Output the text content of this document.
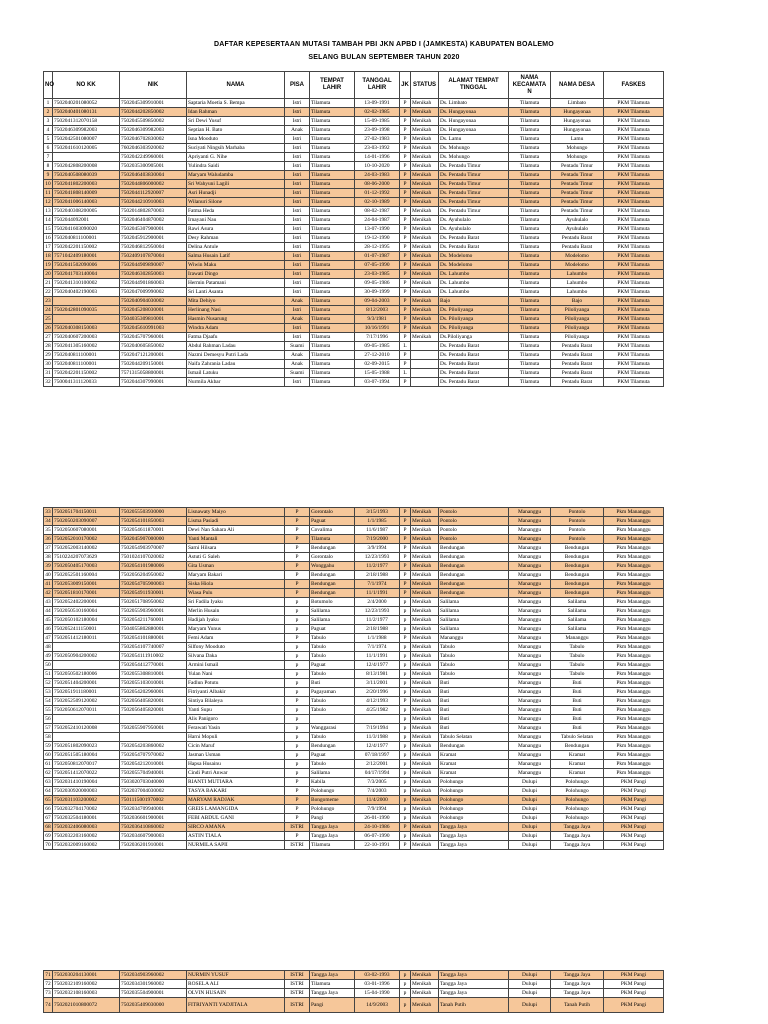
DAFTAR KEPESERTAAN MUTASI TAMBAH PBI JKN APBD I (JAMKESTA) KABUPATEN BOALEMO
SELANG BULAN SEPTEMBER TAHUN 2020
NO	NO KK	NIK	NAMA	PISA	TEMPAT LAHIR	TANGGAL LAHIR	JK	STATUS	ALAMAT TEMPAT TINGGAL	NAMA KECAMATA N	NAMA DESA	FASKES
1	7502040201080052	7502045309910001	Saptaria Moetia S. Bempa	Istri	Tilamuta	13-09-1991	P	Menikah	Ds. Limbato	Tilamuta	Limbato	PKM Tilamuta
2	7502040401080131	7502044202850002	Idan Rahman	Istri	Tilamuta	02-02-1985	P	Menikah	Ds. Hungayonaa	Tilamuta	Hungayonaa	PKM Tilamuta
3	7502041312070158	7502045509850002	Sri Dewi Yusuf	Istri	Tilamuta	15-09-1985	P	Menikah	Ds. Hungayonaa	Tilamuta	Hungayonaa	PKM Tilamuta
4	7502046309982003	7502046309982003	Septian H. Bato	Anak	Tilamuta	23-09-1998	P	Menikah	Ds. Hungayonaa	Tilamuta	Hungayonaa	PKM Tilamuta
5	7502042501080007	7502046702830002	Isna Mooduto	Istri	Tilamuta	27-02-1983	P	Menikah	Ds. Lamu	Tilamuta	Lamu	PKM Tilamuta
6	7502041610120005	7602046303920002	Suciyati Ningsih Marhaba	Istri	Tilamuta	23-03-1992	P	Menikah	Ds. Mohungo	Tilamuta	Mohungo	PKM Tilamuta
7		7502042249960001	Apriyanti G. Nihe	Istri	Tilamuta	14-01-1996	P	Menikah	Ds. Mohungo	Tilamuta	Mohungo	PKM Tilamuta
8	7502042808200008	7502035300905001	Yulindra Saidi	Istri	Tilamuta	10-10-2020	P	Menikah	Ds. Pentadu Timur	Tilamuta	Pentadu Timur	PKM Tilamuta
9	7502040508080039	7502046403830004	Maryam Waludamba	Istri	Tilamuta	24-03-1983	P	Menikah	Ds. Pentadu Timur	Tilamuta	Pentadu Timur	PKM Tilamuta
10	7502041802200003	7502044806000002	Sri Wahyuni Lagili	Istri	Tilamuta	08-06-2000	P	Menikah	Ds. Pentadu Timur	Tilamuta	Pentadu Timur	PKM Tilamuta
11	7502041808140009	7502044112920007	Asri Hunadji	Istri	Tilamuta	01-12-1992	P	Menikah	Ds. Pentadu Timur	Tilamuta	Pentadu Timur	PKM Tilamuta
12	7502041006140003	7502044210910003	Wilanuri Silone	Istri	Tilamuta	02-10-1989	P	Menikah	Ds. Pentadu Timur	Tilamuta	Pentadu Timur	PKM Tilamuta
13	7502040308200005	7502014802870003	Fatma Heda	Istri	Tilamuta	08-02-1987	P	Menikah	Ds. Pentadu Timur	Tilamuta	Pentadu Timur	PKM Tilamuta
14	7502044092001	7502046404870002	Irnayani Nau	Istri	Tilamuta	24-04-1987	P	Menikah	Ds. Ayuhulalo	Tilamuta	Ayuhulalo	PKM Tilamuta
15	7502041603090020	7502045307900001	Rawi Asura	Istri	Tilamuta	13-07-1990	P	Menikah	Ds. Ayuhulalo	Tilamuta	Ayuhulalo	PKM Tilamuta
16	7502040811100001	7502045912900001	Desy Rahman	Istri	Tilamuta	19-12-1990	P	Menikah	Ds. Pentadu Barat	Tilamuta	Pentadu Barat	PKM Tilamuta
17	7502042201150002	7502046812950004	Delina Antule	Istri	Tilamuta	28-12-1995	P	Menikah	Ds. Pentadu Barat	Tilamuta	Pentadu Barat	PKM Tilamuta
18	7571042409180001	7502409107870004	Salma Husain Latif	Istri	Tilamuta	01-07-1987	P	Menikah	Ds. Modelomo	Tilamuta	Modelomo	PKM Tilamuta
19	7502041502090006	7502044909890007	Wiwin Maku	Istri	Tilamuta	07-05-1990	P	Menikah	Ds. Modelomo	Tilamuta	Modelomo	PKM Tilamuta
20	7502041703140004	7502046302850003	Irawati Dingo	Istri	Tilamuta	23-03-1985	P	Menikah	Ds. Lahumbo	Tilamuta	Lahumbo	PKM Tilamuta
21	7502041310100002	7502044901860003	Hermin Patamani	Istri	Tilamuta	09-05-1986	P	Menikah	Ds. Lahumbo	Tilamuta	Lahumbo	PKM Tilamuta
22	7502040402190003	7502047009990002	Sri Lanti Asanta	Istri	Tilamuta	30-09-1999	P	Menikah	Ds. Lahumbo	Tilamuta	Lahumbo	PKM Tilamuta
23		7502040904030002	Mita Dehiyo	Anak	Tilamuta	09-04-2003	P	Menikah	Bajo	Tilamuta	Bajo	PKM Tilamuta
24	7502042801090035	7502045208030001	Herlinang Nasi	Istri	Tilamuta	8/12/2003	P	Menikah	Ds. Piloliyanga	Tilamuta	Piloliyanga	PKM Tilamuta
25		7504035309810001	Hasmin Nusarung	Anak	Tilamuta	9/3/1981	P	Menikah	Ds. Piloliyanga	Tilamuta	Piloliyanga	PKM Tilamuta
26	7502040308150003	7502045610991003	Windra Adam	Istri	Tilamuta	10/16/1991	P	Menikah	Ds. Piloliyanga	Tilamuta	Piloliyanga	PKM Tilamuta
27	7502040607200003	7502045707960001	Fatma Djaafu	Istri	Tilamuta	7/17/1996	P	Menikah	Ds.Piloliyanga	Tilamuta	Piloliyanga	PKM Tilamuta
28	7502041305160002	7502040605850002	Abdul Rahman Ladau	Suami	Tilamuta	09-05-1985	L		Ds. Pentadu Barat	Tilamuta	Pentadu Barat	PKM Tilamuta
29	7502040811100001	7502047121200001	Nazmi Demesyu Putri Lada	Anak	Tilamuta	27-12-2010	P		Ds. Pentadu Barat	Tilamuta	Pentadu Barat	PKM Tilamuta
30	7502040811100001	7502044209150001	Naifa Zahrania Ladau	Anak	Tilamuta	02-09-2015	P		Ds. Pentadu Barat	Tilamuta	Pentadu Barat	PKM Tilamuta
31	7502042201150002	7571315058800001	Ismail Latuku	Suami	Tilamuta	15-05-1988	L		Ds. Pentadu Barat	Tilamuta	Pentadu Barat	PKM Tilamuta
32	7500041311120033	7502044307990001	Nurmila Akbar	Istri	Tilamuta	03-07-1994	P		Ds. Pentadu Barat	Tilamuta	Pentadu Barat	PKM Tilamuta
33	7502051704150011	7502055503930000	Lisnawaty Maiyo	P	Gorontalo	3/15/1993	P	Menikah	Pontolo	Mananggu	Pontolo	Pkm Mananggu
34	7502050203090007	7502054101850003	Lisma Pasiadi	P	Paguat	1/1/1985	P	Menikah	Pontolo	Mananggu	Pontolo	Pkm Mananggu
35	7502050607080001	7502054611870001	Dewi Nan Sahara Ali	P	Covalima	11/6/1987	P	Menikah	Pontolo	Mananggu	Pontolo	Pkm Mananggu
36	7502052010170002	7502045907000000	Yanti Mantali	P	Tilamuta	7/19/2000	P	Menikah	Pontolo	Mananggu	Pontolo	Pkm Mananggu
37	7502052003140002	7502054903970007	Sarni Hilsara	P	Bendungan	3/9/1994	P	Menikah	Bendungan	Mananggu	Bendungan	Pkm Mananggu
38	7510224207073629	7501024107020002	Astuti G Saleh	P	Gorontalo	12/23/1993	P	Menikah	Bendungan	Mananggu	Bendungan	Pkm Mananggu
39	7502050405170003	7502054101980006	Gita Usman	P	Wonggahu	11/2/1977	P	Menikah	Bendungan	Mananggu	Bendungan	Pkm Mananggu
40	7502052501160004	7502056204950002	Maryam Bakari	P	Bendungan	2/18/1988	P	Menikah	Bendungan	Mananggu	Bendungan	Pkm Mananggu
41	7502053009150001	7502054705900003	Siska Hiola	P	Bendungan	7/1/1974	P	Menikah	Bendungan	Mananggu	Bendungan	Pkm Mananggu
42	7502051810170001	7502054911930001	Wiasa Pulu	P	Bendungan	11/1/1991	P	Menikah	Bendungan	Mananggu	Bendungan	Pkm Mananggu
43	7502052402200001	7502051708950002	Sri Fadila Iyaku	p	Botumolo	2/4/2000	p	Menikah	Salilama	Mananggu	Salilama	Pkm Mananggu
44	7502050510160004	7502055903960001	Merlin Husain	p	Salilama	12/23/1993	p	Menikah	Salilama	Mananggu	Salilama	Pkm Mananggu
45	7502050102180004	7502054211760001	Hadijah Iyaku	p	Salilama	11/2/1977	p	Menikah	Salilama	Mananggu	Salilama	Pkm Mananggu
46	7502052411150001	7504055802880001	Maryam Yunus	p	Paguat	2/18/1988	p	Menikah	Salilama	Mananggu	Salilama	Pkm Mananggu
47	7502051412180011	7502054101880001	Femi Adam	P	Tabulo	1/1/1988	P	Menikah	Mananggu	Mananggu	Mananggu	Pkm Mananggu
48		7502054107740007	Silfony Mooduto	p	Tabulo	7/1/1974	p	Menikah	Tabulo	Mananggu	Tabulo	Pkm Mananggu
49	7502050904200002	7502054111910002	Silvana Daka	p	Tabulo	11/1/1991	p	Menikah	Tabulo	Mananggu	Tabulo	Pkm Mananggu
50		7502054412770001	Armini Ismail	p	Paguat	12/4/1977	p	Menikah	Tabulo	Mananggu	Tabulo	Pkm Mananggu
51	7502050502180006	7502055308810001	Yulan Nani	p	Tabulo	8/13/1981	p	Menikah	Tabulo	Mananggu	Tabulo	Pkm Mananggu
52	7502051404200001	7502055103010001	Fadlun Potutu	p	Buti	3/11/2001	p	Menikah	Buti	Mananggu	Buti	Pkm Mananggu
53	7502051911180001	7502054202960001	Fitriyanti Albakir	p	Pagayaman	2/20/1996	p	Menikah	Buti	Mananggu	Buti	Pkm Mananggu
54	7502052509120002	7502056405820001	Sintiya Bilaleya	P	Tabulo	4/12/1993	P	Menikah	Buti	Mananggu	Buti	Pkm Mananggu
55	7502050612070011	7502056405820001	Yanti Supu	p	Tabulo	4/25/1982	p	Menikah	Buti	Mananggu	Buti	Pkm Mananggu
56			Alis Panigoro	p			p	Menikah	Buti	Mananggu	Buti	Pkm Mananggu
57	7502052410120008	7502055907950001	Ferawati Yasin	p	Wanggarasi	7/19/1994	p	Menikah	Buti	Mananggu	Buti	Pkm Mananggu
58			Harni Mopuli	p	Tabulo	11/3/1988	p	Menikah	Tabulo Selatan	Mananggu	Tabulo Selatan	Pkm Mananggu
59	7502051802090023	7502054203860002	Cicin Maruf	p	Bendungan	12/4/1977	p	Menikah	Bendungan	Mananggu	Bendungan	Pkm Mananggu
60	7502051505180004	7502054707970002	Jasman Usman	p	Paguat	07/18/1997	p	Menikah	Kramat	Mananggu	Kramat	Pkm Mananggu
61	7502050812070017	7502054212010001	Hapsa Husainu	p	Tabulo	2/12/2001	p	Menikah	Kramat	Mananggu	Kramat	Pkm Mananggu
62	7502051412070022	7502055704940001	Cindi Putri Anwar	p	Salilama	04/17/1994	p	Menikah	Kramat	Mananggu	Kramat	Pkm Mananggu
63	7502031410190004	7503020703040000	RIANTI MUTIARA	P	Kabila	7/3/2005	p	Menikah	Polohungo	Dulupi	Polohungo	PKM Pangi
64	7502030920000003	7502037004030002	TASYA BAKARI	P	Polohungo	7/4/2003	p	Menikah	Polohungo	Dulupi	Polohungo	PKM Pangi
65	7502031103200002	7501115001970002	MARYAM RADJAK	P	Bongomeme	11/4/2000	p	Menikah	Polohungo	Dulupi	Polohungo	PKM Pangi
66	7502032704170002	7502034709940001	GREIS LAMANGIDA	P	Polohungo	7/9/1994	p	Menikah	Polohungo	Dulupi	Polohungo	PKM Pangi
67	7502032504180001	7502036601900001	FEBI ABDUL GANI	P	Pangi	26-01-1990	p	Menikah	Polohungo	Dulupi	Polohungo	PKM Pangi
68	7502032406080003	7502036410860002	SIRCO AMANA	ISTRI	Tangga Jaya	24-10-1986	P	Menikah	Tangga Jaya	Dulupi	Tangga Jaya	PKM Pangi
69	7502032203160002	7502034607900003	ASTIN TIALA	P	Tangga Jaya	06-07-1990	p	Menikah	Tangga Jaya	Dulupi	Tangga Jaya	PKM Pangi
70	7502032009160002	7502036201910001	NURMILA SAPII	ISTRI	Tilamuta	22-10-1991	P	Menikah	Tangga Jaya	Dulupi	Tangga Jaya	PKM Pangi
71	7502030204130001	7502034903960002	NURMIN YUSUF	ISTRI	Tangga Jaya	03-02-1993	p	Menikah	Tangga Jaya	Dulupi	Tangga Jaya	PKM Pangi
72	7502032109160002	7502034301960002	ROSELA ALI	ISTRI	Tilamuta	03-01-1996	p	Menikah	Tangga Jaya	Dulupi	Tangga Jaya	PKM Pangi
73	7502032108160003	7502035504900001	OLVIN HUSAIN	ISTRI	Tangga Jaya	15-04-1990	p	Menikah	Tangga Jaya	Dulupi	Tangga Jaya	PKM Pangi
74	7502021010800072	7502035409030000	FITRIYANTI YADJITALA	ISTRI	Pangi	14/9/2003	p	Menikah	Tanah Putih	Dulupi	Tanah Putih	PKM Pangi
